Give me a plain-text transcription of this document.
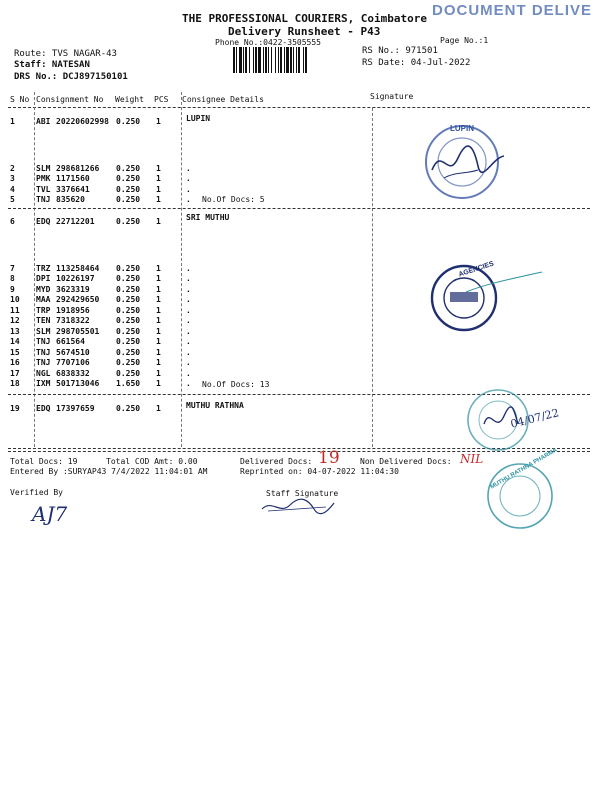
DOCUMENT DELIVE
THE PROFESSIONAL COURIERS, Coimbatore
Delivery Runsheet - P43
Phone No.:0422-3505555	Page No.:1
Route: TVS NAGAR-43
Staff: NATESAN
DRS No.: DCJ897150101
RS No.: 971501
RS Date: 04-Jul-2022
S No Consignment No Weight PCS Consignee Details	Signature
LUPIN
1	ABI 20220602998 0.250 1
2	SLM 298681266 0.250 1	.
3	PMK 1171560	0.250 1	.
4	TVL 3376641	0.250 1	.
5	TNJ 835620	0.250 1	. No.Of Docs: 5
SRI MUTHU
6	EDQ 22712201	0.250 1
7	TRZ 113258464 0.250 1	.
8	DPI 10226197	0.250 1	.
9	MYD 3623319	0.250 1	.
10 MAA 292429650 0.250 1	.
11 TRP 1918956	0.250 1	.
12 TEN 7318322	0.250 1	.
13 SLM 298705501 0.250 1	.
14 TNJ 661564	0.250 1	.
15 TNJ 5674510	0.250 1	.
16 TNJ 7707106	0.250 1	.
17 NGL 6838332	0.250 1	.
18 IXM 501713046 1.650 1	. No.Of Docs: 13
MUTHU RATHNA
19 EDQ 17397659	0.250 1
Total Docs: 19	Total COD Amt: 0.00	Delivered Docs: 19	Non Delivered Docs: NIL
Entered By :SURYAP43 7/4/2022 11:04:01 AM	Reprinted on: 04-07-2022 11:04:30
Verified By	Staff Signature
AJ7
LUPIN
AGENCIES
04/07/22
MUTHU RATHNA PHARMA
